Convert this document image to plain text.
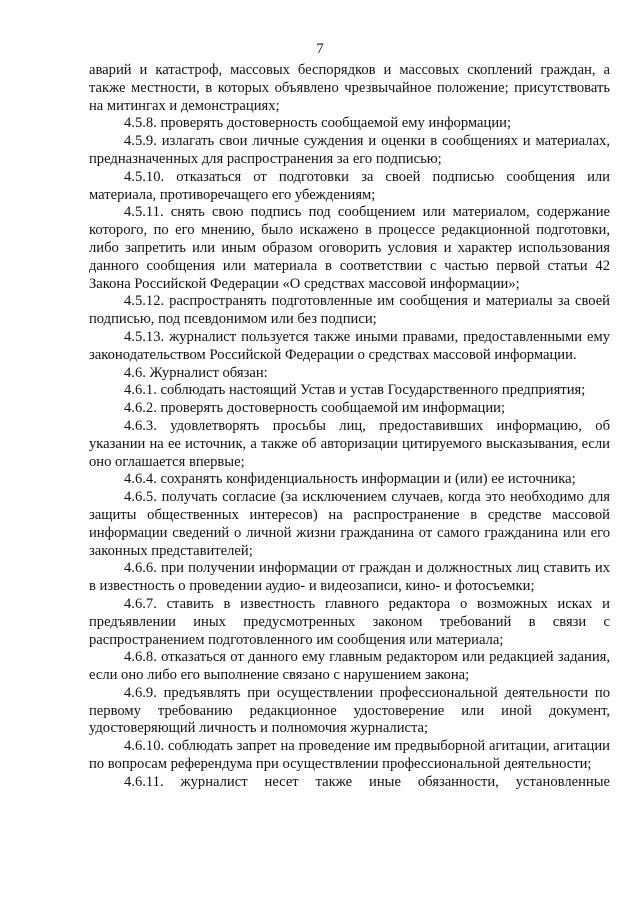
7

аварий и катастроф, массовых беспорядков и массовых скоплений граждан, а также местности, в которых объявлено чрезвычайное положение; присутствовать на митингах и демонстрациях;

4.5.8. проверять достоверность сообщаемой ему информации;

4.5.9. излагать свои личные суждения и оценки в сообщениях и материалах, предназначенных для распространения за его подписью;

4.5.10. отказаться от подготовки за своей подписью сообщения или материала, противоречащего его убеждениям;

4.5.11. снять свою подпись под сообщением или материалом, содержание которого, по его мнению, было искажено в процессе редакционной подготовки, либо запретить или иным образом оговорить условия и характер использования данного сообщения или материала в соответствии с частью первой статьи 42 Закона Российской Федерации «О средствах массовой информации»;

4.5.12. распространять подготовленные им сообщения и материалы за своей подписью, под псевдонимом или без подписи;

4.5.13. журналист пользуется также иными правами, предоставленными ему законодательством Российской Федерации о средствах массовой информации.

4.6. Журналист обязан:

4.6.1. соблюдать настоящий Устав и устав Государственного предприятия;

4.6.2. проверять достоверность сообщаемой им информации;

4.6.3. удовлетворять просьбы лиц, предоставивших информацию, об указании на ее источник, а также об авторизации цитируемого высказывания, если оно оглашается впервые;

4.6.4. сохранять конфиденциальность информации и (или) ее источника;

4.6.5. получать согласие (за исключением случаев, когда это необходимо для защиты общественных интересов) на распространение в средстве массовой информации сведений о личной жизни гражданина от самого гражданина или его законных представителей;

4.6.6. при получении информации от граждан и должностных лиц ставить их в известность о проведении аудио- и видеозаписи, кино- и фотосъемки;

4.6.7. ставить в известность главного редактора о возможных исках и предъявлении иных предусмотренных законом требований в связи с распространением подготовленного им сообщения или материала;

4.6.8. отказаться от данного ему главным редактором или редакцией задания, если оно либо его выполнение связано с нарушением закона;

4.6.9. предъявлять при осуществлении профессиональной деятельности по первому требованию редакционное удостоверение или иной документ, удостоверяющий личность и полномочия журналиста;

4.6.10. соблюдать запрет на проведение им предвыборной агитации, агитации по вопросам референдума при осуществлении профессиональной деятельности;

4.6.11. журналист несет также иные обязанности, установленные
